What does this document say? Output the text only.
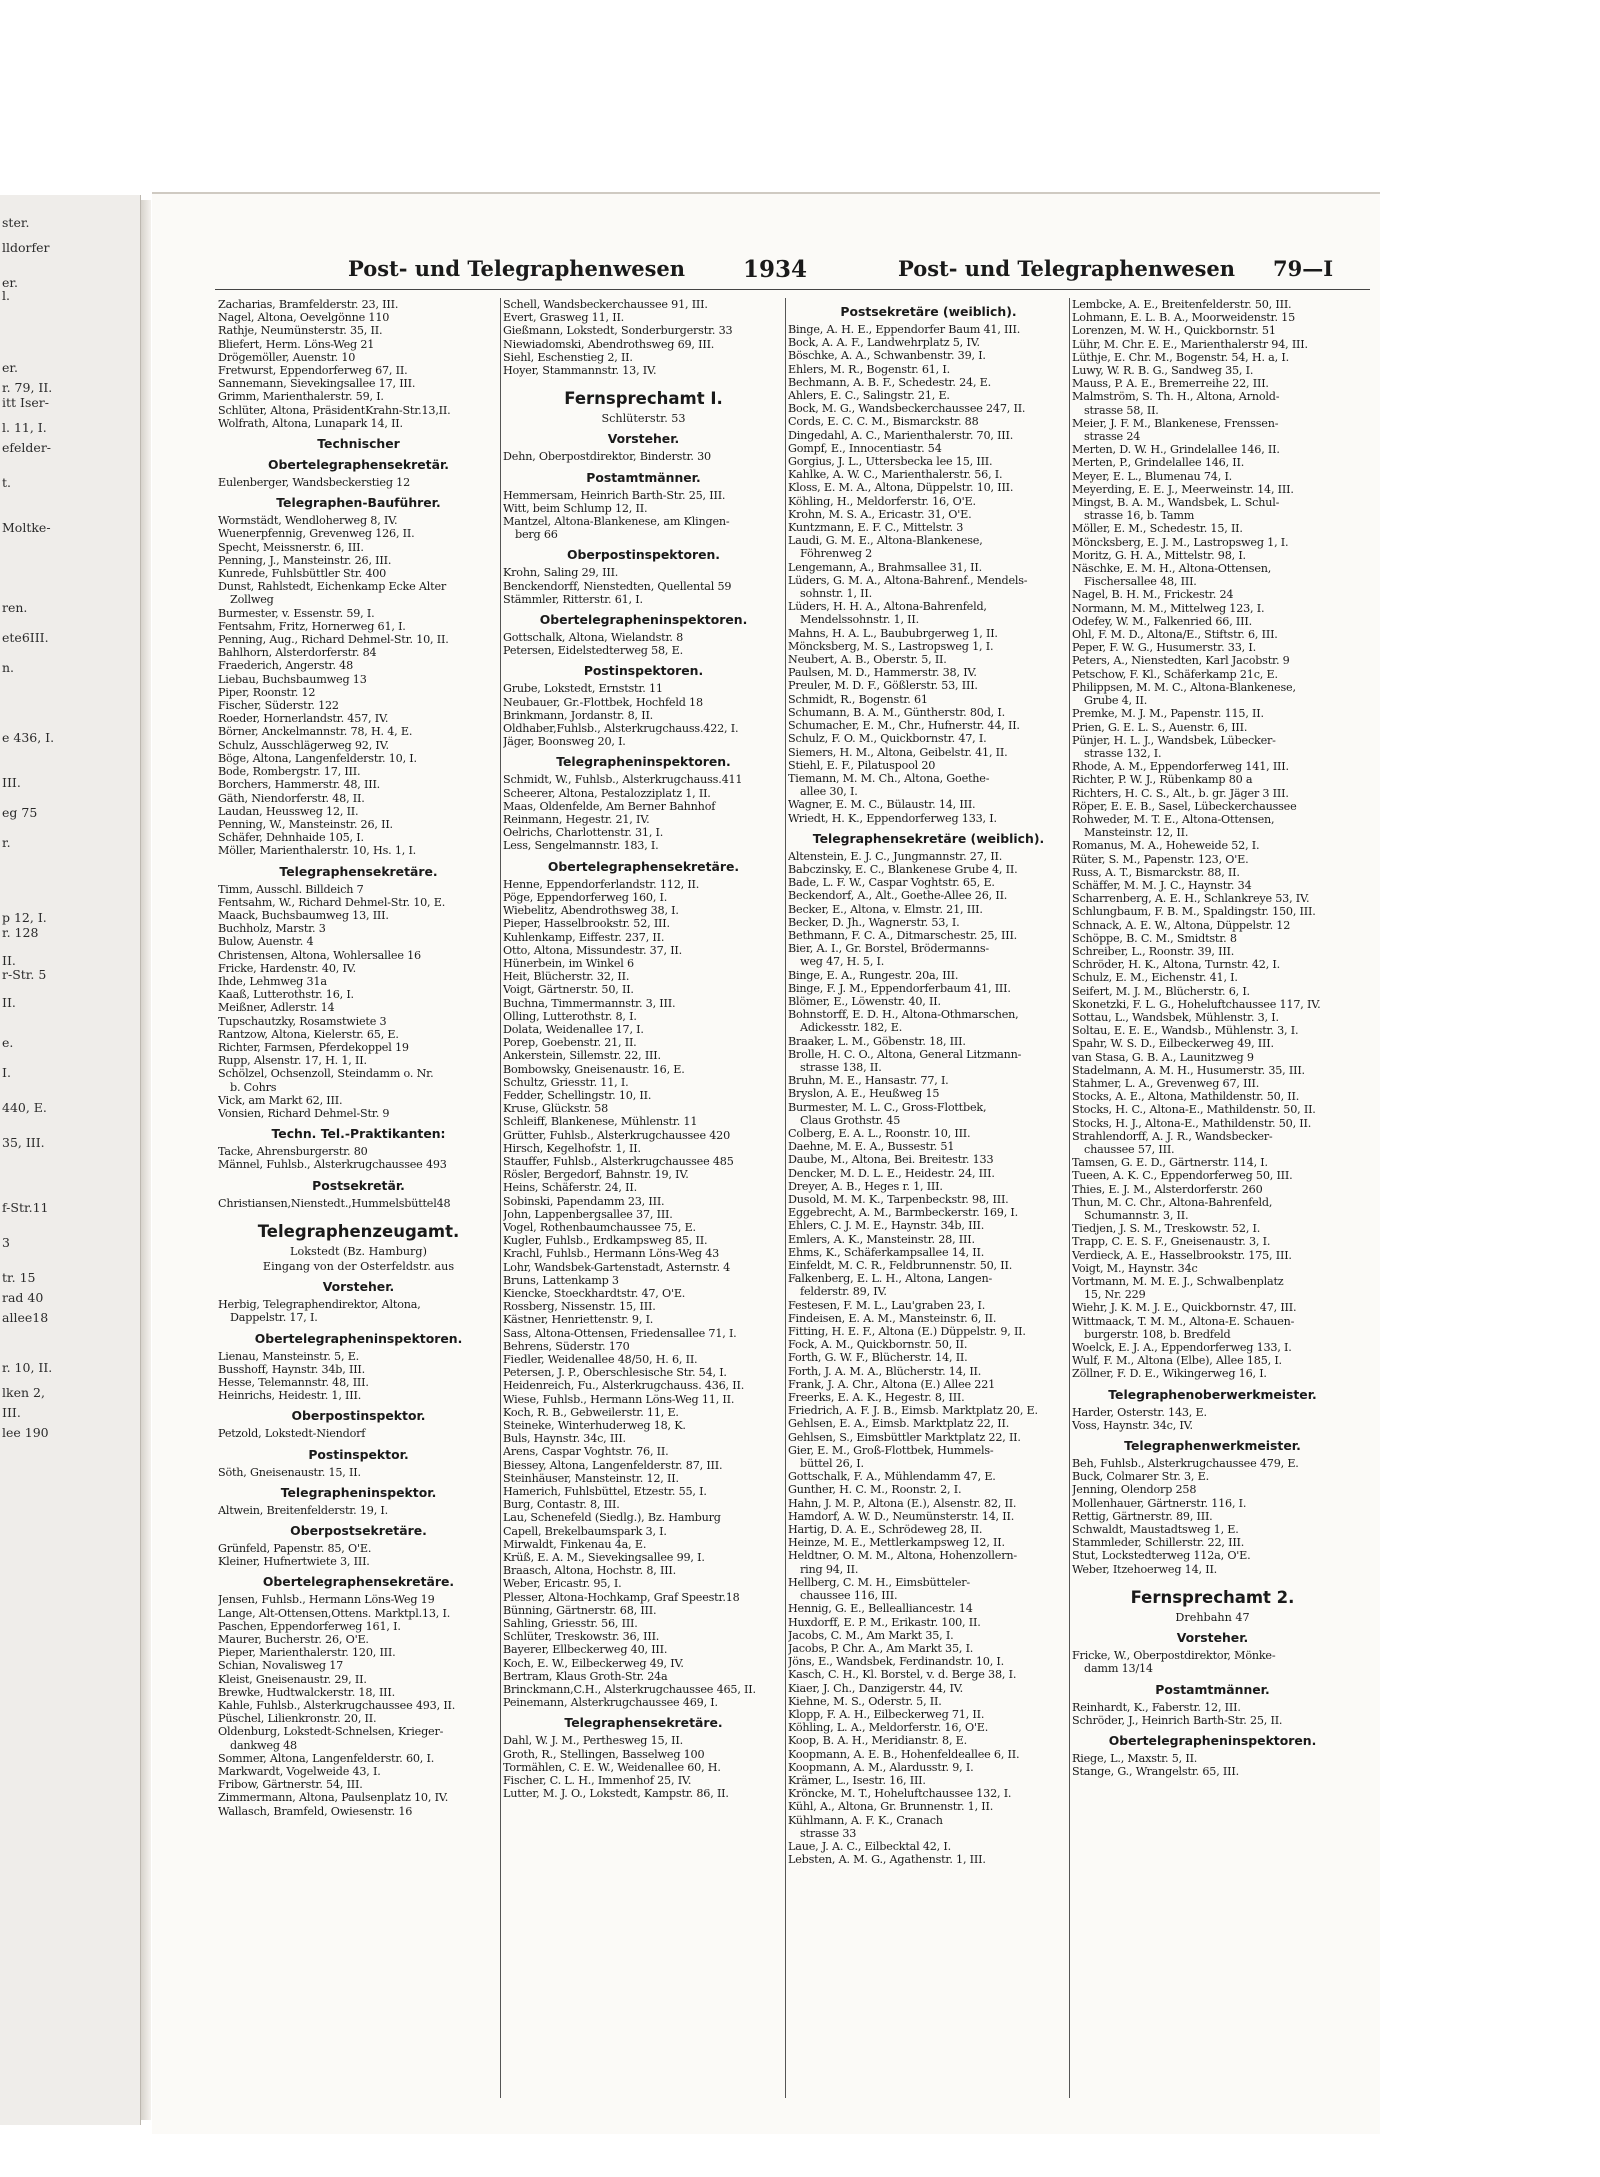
ster.
lldorfer
er.
l.
er.
r. 79, II.
itt Iser-
l. 11, I.
efelder-
t.
Moltke-
ren.
ete6III.
n.
e 436, I.
III.
eg 75
r.
p 12, I.
r. 128
II.
r-Str. 5
II.
e.
I.
440, E.
35, III.
f-Str.11
3
tr. 15
rad 40
allee18
r. 10, II.
lken 2,
III.
lee 190
Post- und Telegraphenwesen	1934	Post- und Telegraphenwesen 79—I
Zacharias, Bramfelderstr. 23, III.
Nagel, Altona, Oevelgönne 110
Rathje, Neumünsterstr. 35, II.
Bliefert, Herm. Löns-Weg 21
Drögemöller, Auenstr. 10
Fretwurst, Eppendorferweg 67, II.
Sannemann, Sievekingsallee 17, III.
Grimm, Marienthalerstr. 59, I.
Schlüter, Altona, PräsidentKrahn-Str.13,II.
Wolfrath, Altona, Lunapark 14, II.
Technischer
Obertelegraphensekretär.
Eulenberger, Wandsbeckerstieg 12
Telegraphen-Bauführer.
Wormstädt, Wendloherweg 8, IV.
Wuenerpfennig, Grevenweg 126, II.
Specht, Meissnerstr. 6, III.
Penning, J., Mansteinstr. 26, III.
Kunrede, Fuhlsbüttler Str. 400
Dunst, Rahlstedt, Eichenkamp Ecke Alter
Zollweg
Burmester, v. Essenstr. 59, I.
Fentsahm, Fritz, Hornerweg 61, I.
Penning, Aug., Richard Dehmel-Str. 10, II.
Bahlhorn, Alsterdorferstr. 84
Fraederich, Angerstr. 48
Liebau, Buchsbaumweg 13
Piper, Roonstr. 12
Fischer, Süderstr. 122
Roeder, Hornerlandstr. 457, IV.
Börner, Anckelmannstr. 78, H. 4, E.
Schulz, Ausschlägerweg 92, IV.
Böge, Altona, Langenfelderstr. 10, I.
Bode, Rombergstr. 17, III.
Borchers, Hammerstr. 48, III.
Gäth, Niendorferstr. 48, II.
Laudan, Heussweg 12, II.
Penning, W., Mansteinstr. 26, II.
Schäfer, Dehnhaide 105, I.
Möller, Marienthalerstr. 10, Hs. 1, I.
Telegraphensekretäre.
Timm, Ausschl. Billdeich 7
Fentsahm, W., Richard Dehmel-Str. 10, E.
Maack, Buchsbaumweg 13, III.
Buchholz, Marstr. 3
Bulow, Auenstr. 4
Christensen, Altona, Wohlersallee 16
Fricke, Hardenstr. 40, IV.
Ihde, Lehmweg 31a
Kaaß, Lutterothstr. 16, I.
Meißner, Adlerstr. 14
Tupschautzky, Rosamstwiete 3
Rantzow, Altona, Kielerstr. 65, E.
Richter, Farmsen, Pferdekoppel 19
Rupp, Alsenstr. 17, H. 1, II.
Schölzel, Ochsenzoll, Steindamm o. Nr.
b. Cohrs
Vick, am Markt 62, III.
Vonsien, Richard Dehmel-Str. 9
Techn. Tel.-Praktikanten:
Tacke, Ahrensburgerstr. 80
Männel, Fuhlsb., Alsterkrugchaussee 493
Postsekretär.
Christiansen,Nienstedt.,Hummelsbüttel48
Telegraphenzeugamt.
Lokstedt (Bz. Hamburg)
Eingang von der Osterfeldstr. aus
Vorsteher.
Herbig, Telegraphendirektor, Altona,
Dappelstr. 17, I.
Obertelegrapheninspektoren.
Lienau, Mansteinstr. 5, E.
Busshoff, Haynstr. 34b, III.
Hesse, Telemannstr. 48, III.
Heinrichs, Heidestr. 1, III.
Oberpostinspektor.
Petzold, Lokstedt-Niendorf
Postinspektor.
Söth, Gneisenaustr. 15, II.
Telegrapheninspektor.
Altwein, Breitenfelderstr. 19, I.
Oberpostsekretäre.
Grünfeld, Papenstr. 85, O'E.
Kleiner, Hufnertwiete 3, III.
Obertelegraphensekretäre.
Jensen, Fuhlsb., Hermann Löns-Weg 19
Lange, Alt-Ottensen,Ottens. Marktpl.13, I.
Paschen, Eppendorferweg 161, I.
Maurer, Bucherstr. 26, O'E.
Pieper, Marienthalerstr. 120, III.
Schian, Novalisweg 17
Kleist, Gneisenaustr. 29, II.
Brewke, Hudtwalckerstr. 18, III.
Kahle, Fuhlsb., Alsterkrugchaussee 493, II.
Püschel, Lilienkronstr. 20, II.
Oldenburg, Lokstedt-Schnelsen, Krieger-
dankweg 48
Sommer, Altona, Langenfelderstr. 60, I.
Markwardt, Vogelweide 43, I.
Fribow, Gärtnerstr. 54, III.
Zimmermann, Altona, Paulsenplatz 10, IV.
Wallasch, Bramfeld, Owiesenstr. 16
Schell, Wandsbeckerchaussee 91, III.
Evert, Grasweg 11, II.
Gießmann, Lokstedt, Sonderburgerstr. 33
Niewiadomski, Abendrothsweg 69, III.
Siehl, Eschenstieg 2, II.
Hoyer, Stammannstr. 13, IV.
Fernsprechamt I.
Schlüterstr. 53
Vorsteher.
Dehn, Oberpostdirektor, Binderstr. 30
Postamtmänner.
Hemmersam, Heinrich Barth-Str. 25, III.
Witt, beim Schlump 12, II.
Mantzel, Altona-Blankenese, am Klingen-
berg 66
Oberpostinspektoren.
Krohn, Saling 29, III.
Benckendorff, Nienstedten, Quellental 59
Stämmler, Ritterstr. 61, I.
Obertelegrapheninspektoren.
Gottschalk, Altona, Wielandstr. 8
Petersen, Eidelstedterweg 58, E.
Postinspektoren.
Grube, Lokstedt, Ernststr. 11
Neubauer, Gr.-Flottbek, Hochfeld 18
Brinkmann, Jordanstr. 8, II.
Oldhaber,Fuhlsb., Alsterkrugchauss.422, I.
Jäger, Boonsweg 20, I.
Telegrapheninspektoren.
Schmidt, W., Fuhlsb., Alsterkrugchauss.411
Scheerer, Altona, Pestalozziplatz 1, II.
Maas, Oldenfelde, Am Berner Bahnhof
Reinmann, Hegestr. 21, IV.
Oelrichs, Charlottenstr. 31, I.
Less, Sengelmannstr. 183, I.
Obertelegraphensekretäre.
Henne, Eppendorferlandstr. 112, II.
Pöge, Eppendorferweg 160, I.
Wiebelitz, Abendrothsweg 38, I.
Pieper, Hasselbrookstr. 52, III.
Kuhlenkamp, Eiffestr. 237, II.
Otto, Altona, Missundestr. 37, II.
Hünerbein, im Winkel 6
Heit, Blücherstr. 32, II.
Voigt, Gärtnerstr. 50, II.
Buchna, Timmermannstr. 3, III.
Olling, Lutterothstr. 8, I.
Dolata, Weidenallee 17, I.
Porep, Goebenstr. 21, II.
Ankerstein, Sillemstr. 22, III.
Bombowsky, Gneisenaustr. 16, E.
Schultz, Griesstr. 11, I.
Fedder, Schellingstr. 10, II.
Kruse, Glückstr. 58
Schleiff, Blankenese, Mühlenstr. 11
Grütter, Fuhlsb., Alsterkrugchaussee 420
Hirsch, Kegelhofstr. 1, II.
Stauffer, Fuhlsb., Alsterkrugchaussee 485
Rösler, Bergedorf, Bahnstr. 19, IV.
Heins, Schäferstr. 24, II.
Sobinski, Papendamm 23, III.
John, Lappenbergsallee 37, III.
Vogel, Rothenbaumchaussee 75, E.
Kugler, Fuhlsb., Erdkampsweg 85, II.
Krachl, Fuhlsb., Hermann Löns-Weg 43
Lohr, Wandsbek-Gartenstadt, Asternstr. 4
Bruns, Lattenkamp 3
Kiencke, Stoeckhardtstr. 47, O'E.
Rossberg, Nissenstr. 15, III.
Kästner, Henriettenstr. 9, I.
Sass, Altona-Ottensen, Friedensallee 71, I.
Behrens, Süderstr. 170
Fiedler, Weidenallee 48/50, H. 6, II.
Petersen, J. P., Oberschlesische Str. 54, I.
Heidenreich, Fu., Alsterkrugchauss. 436, II.
Wiese, Fuhlsb., Hermann Löns-Weg 11, II.
Koch, R. B., Gebweilerstr. 11, E.
Steineke, Winterhuderweg 18, K.
Buls, Haynstr. 34c, III.
Arens, Caspar Voghtstr. 76, II.
Biessey, Altona, Langenfelderstr. 87, III.
Steinhäuser, Mansteinstr. 12, II.
Hamerich, Fuhlsbüttel, Etzestr. 55, I.
Burg, Contastr. 8, III.
Lau, Schenefeld (Siedlg.), Bz. Hamburg
Capell, Brekelbaumspark 3, I.
Mirwaldt, Finkenau 4a, E.
Krüß, E. A. M., Sievekingsallee 99, I.
Braasch, Altona, Hochstr. 8, III.
Weber, Ericastr. 95, I.
Plesser, Altona-Hochkamp, Graf Speestr.18
Bünning, Gärtnerstr. 68, III.
Sahling, Griesstr. 56, III.
Schlüter, Treskowstr. 36, III.
Bayerer, Ellbeckerweg 40, III.
Koch, E. W., Eilbeckerweg 49, IV.
Bertram, Klaus Groth-Str. 24a
Brinckmann,C.H., Alsterkrugchaussee 465, II.
Peinemann, Alsterkrugchaussee 469, I.
Telegraphensekretäre.
Dahl, W. J. M., Perthesweg 15, II.
Groth, R., Stellingen, Basselweg 100
Tormählen, C. E. W., Weidenallee 60, H.
Fischer, C. L. H., Immenhof 25, IV.
Lutter, M. J. O., Lokstedt, Kampstr. 86, II.
Postsekretäre (weiblich).
Binge, A. H. E., Eppendorfer Baum 41, III.
Bock, A. A. F., Landwehrplatz 5, IV.
Böschke, A. A., Schwanbenstr. 39, I.
Ehlers, M. R., Bogenstr. 61, I.
Bechmann, A. B. F., Schedestr. 24, E.
Ahlers, E. C., Salingstr. 21, E.
Bock, M. G., Wandsbeckerchaussee 247, II.
Cords, E. C. C. M., Bismarckstr. 88
Dingedahl, A. C., Marienthalerstr. 70, III.
Gompf, E., Innocentiastr. 54
Gorgius, J. L., Uttersbecka lee 15, III.
Kahlke, A. W. C., Marienthalerstr. 56, I.
Kloss, E. M. A., Altona, Düppelstr. 10, III.
Köhling, H., Meldorferstr. 16, O'E.
Krohn, M. S. A., Ericastr. 31, O'E.
Kuntzmann, E. F. C., Mittelstr. 3
Laudi, G. M. E., Altona-Blankenese,
Föhrenweg 2
Lengemann, A., Brahmsallee 31, II.
Lüders, G. M. A., Altona-Bahrenf., Mendels-
sohnstr. 1, II.
Lüders, H. H. A., Altona-Bahrenfeld,
Mendelssohnstr. 1, II.
Mahns, H. A. L., Baububrgerweg 1, II.
Möncksberg, M. S., Lastropsweg 1, I.
Neubert, A. B., Oberstr. 5, II.
Paulsen, M. D., Hammerstr. 38, IV.
Preuler, M. D. F., Gößlerstr. 53, III.
Schmidt, R., Bogenstr. 61
Schumann, B. A. M., Güntherstr. 80d, I.
Schumacher, E. M., Chr., Hufnerstr. 44, II.
Schulz, F. O. M., Quickbornstr. 47, I.
Siemers, H. M., Altona, Geibelstr. 41, II.
Stiehl, E. F., Pilatuspool 20
Tiemann, M. M. Ch., Altona, Goethe-
allee 30, I.
Wagner, E. M. C., Bülaustr. 14, III.
Wriedt, H. K., Eppendorferweg 133, I.
Telegraphensekretäre (weiblich).
Altenstein, E. J. C., Jungmannstr. 27, II.
Babczinsky, E. C., Blankenese Grube 4, II.
Bade, L. F. W., Caspar Voghtstr. 65, E.
Beckendorf, A., Alt., Goethe-Allee 26, II.
Becker, E., Altona, v. Elmstr. 21, III.
Becker, D. Jh., Wagnerstr. 53, I.
Bethmann, F. C. A., Ditmarschestr. 25, III.
Bier, A. I., Gr. Borstel, Brödermanns-
weg 47, H. 5, I.
Binge, E. A., Rungestr. 20a, III.
Binge, F. J. M., Eppendorferbaum 41, III.
Blömer, E., Löwenstr. 40, II.
Bohnstorff, E. D. H., Altona-Othmarschen,
Adickesstr. 182, E.
Braaker, L. M., Göbenstr. 18, III.
Brolle, H. C. O., Altona, General Litzmann-
strasse 138, II.
Bruhn, M. E., Hansastr. 77, I.
Bryslon, A. E., Heußweg 15
Burmester, M. L. C., Gross-Flottbek,
Claus Grothstr. 45
Colberg, E. A. L., Roonstr. 10, III.
Daehne, M. E. A., Bussestr. 51
Daube, M., Altona, Bei. Breitestr. 133
Dencker, M. D. L. E., Heidestr. 24, III.
Dreyer, A. B., Heges r. 1, III.
Dusold, M. M. K., Tarpenbeckstr. 98, III.
Eggebrecht, A. M., Barmbeckerstr. 169, I.
Ehlers, C. J. M. E., Haynstr. 34b, III.
Emlers, A. K., Mansteinstr. 28, III.
Ehms, K., Schäferkampsallee 14, II.
Einfeldt, M. C. R., Feldbrunnenstr. 50, II.
Falkenberg, E. L. H., Altona, Langen-
felderstr. 89, IV.
Festesen, F. M. L., Lau'graben 23, I.
Findeisen, E. A. M., Mansteinstr. 6, II.
Fitting, H. E. F., Altona (E.) Düppelstr. 9, II.
Fock, A. M., Quickbornstr. 50, II.
Forth, G. W. F., Blücherstr. 14, II.
Forth, J. A. M. A., Blücherstr. 14, II.
Frank, J. A. Chr., Altona (E.) Allee 221
Freerks, E. A. K., Hegestr. 8, III.
Friedrich, A. F. J. B., Eimsb. Marktplatz 20, E.
Gehlsen, E. A., Eimsb. Marktplatz 22, II.
Gehlsen, S., Eimsbüttler Marktplatz 22, II.
Gier, E. M., Groß-Flottbek, Hummels-
büttel 26, I.
Gottschalk, F. A., Mühlendamm 47, E.
Gunther, H. C. M., Roonstr. 2, I.
Hahn, J. M. P., Altona (E.), Alsenstr. 82, II.
Hamdorf, A. W. D., Neumünsterstr. 14, II.
Hartig, D. A. E., Schrödeweg 28, II.
Heinze, M. E., Mettlerkampsweg 12, II.
Heldtner, O. M. M., Altona, Hohenzollern-
ring 94, II.
Hellberg, C. M. H., Eimsbütteler-
chaussee 116, III.
Hennig, G. E., Bellealliancestr. 14
Huxdorff, E. P. M., Erikastr. 100, II.
Jacobs, C. M., Am Markt 35, I.
Jacobs, P. Chr. A., Am Markt 35, I.
Jöns, E., Wandsbek, Ferdinandstr. 10, I.
Kasch, C. H., Kl. Borstel, v. d. Berge 38, I.
Kiaer, J. Ch., Danzigerstr. 44, IV.
Kiehne, M. S., Oderstr. 5, II.
Klopp, F. A. H., Eilbeckerweg 71, II.
Köhling, L. A., Meldorferstr. 16, O'E.
Koop, B. A. H., Meridianstr. 8, E.
Koopmann, A. E. B., Hohenfeldeallee 6, II.
Koopmann, A. M., Alardusstr. 9, I.
Krämer, L., Isestr. 16, III.
Kröncke, M. T., Hoheluftchaussee 132, I.
Kühl, A., Altona, Gr. Brunnenstr. 1, II.
Kühlmann, A. F. K., Cranach
strasse 33
Laue, J. A. C., Eilbecktal 42, I.
Lebsten, A. M. G., Agathenstr. 1, III.
Lembcke, A. E., Breitenfelderstr. 50, III.
Lohmann, E. L. B. A., Moorweidenstr. 15
Lorenzen, M. W. H., Quickbornstr. 51
Lühr, M. Chr. E. E., Marienthalerstr 94, III.
Lüthje, E. Chr. M., Bogenstr. 54, H. a, I.
Luwy, W. R. B. G., Sandweg 35, I.
Mauss, P. A. E., Bremerreihe 22, III.
Malmström, S. Th. H., Altona, Arnold-
strasse 58, II.
Meier, J. F. M., Blankenese, Frenssen-
strasse 24
Merten, D. W. H., Grindelallee 146, II.
Merten, P., Grindelallee 146, II.
Meyer, E. L., Blumenau 74, I.
Meyerding, E. E. J., Meerweinstr. 14, III.
Mingst, B. A. M., Wandsbek, L. Schul-
strasse 16, b. Tamm
Möller, E. M., Schedestr. 15, II.
Möncksberg, E. J. M., Lastropsweg 1, I.
Moritz, G. H. A., Mittelstr. 98, I.
Näschke, E. M. H., Altona-Ottensen,
Fischersallee 48, III.
Nagel, B. H. M., Frickestr. 24
Normann, M. M., Mittelweg 123, I.
Odefey, W. M., Falkenried 66, III.
Ohl, F. M. D., Altona/E., Stiftstr. 6, III.
Peper, F. W. G., Husumerstr. 33, I.
Peters, A., Nienstedten, Karl Jacobstr. 9
Petschow, F. Kl., Schäferkamp 21c, E.
Philippsen, M. M. C., Altona-Blankenese,
Grube 4, II.
Premke, M. J. M., Papenstr. 115, II.
Prien, G. E. L. S., Auenstr. 6, III.
Pünjer, H. L. J., Wandsbek, Lübecker-
strasse 132, I.
Rhode, A. M., Eppendorferweg 141, III.
Richter, P. W. J., Rübenkamp 80 a
Richters, H. C. S., Alt., b. gr. Jäger 3 III.
Röper, E. E. B., Sasel, Lübeckerchaussee
Rohweder, M. T. E., Altona-Ottensen,
Mansteinstr. 12, II.
Romanus, M. A., Hoheweide 52, I.
Rüter, S. M., Papenstr. 123, O'E.
Russ, A. T., Bismarckstr. 88, II.
Schäffer, M. M. J. C., Haynstr. 34
Scharrenberg, A. E. H., Schlankreye 53, IV.
Schlungbaum, F. B. M., Spaldingstr. 150, III.
Schnack, A. E. W., Altona, Düppelstr. 12
Schöppe, B. C. M., Smidtstr. 8
Schreiber, L., Roonstr. 39, III.
Schröder, H. K., Altona, Turnstr. 42, I.
Schulz, E. M., Eichenstr. 41, I.
Seifert, M. J. M., Blücherstr. 6, I.
Skonetzki, F. L. G., Hoheluftchaussee 117, IV.
Sottau, L., Wandsbek, Mühlenstr. 3, I.
Soltau, E. E. E., Wandsb., Mühlenstr. 3, I.
Spahr, W. S. D., Eilbeckerweg 49, III.
van Stasa, G. B. A., Launitzweg 9
Stadelmann, A. M. H., Husumerstr. 35, III.
Stahmer, L. A., Grevenweg 67, III.
Stocks, A. E., Altona, Mathildenstr. 50, II.
Stocks, H. C., Altona-E., Mathildenstr. 50, II.
Stocks, H. J., Altona-E., Mathildenstr. 50, II.
Strahlendorff, A. J. R., Wandsbecker-
chaussee 57, III.
Tamsen, G. E. D., Gärtnerstr. 114, I.
Tueen, A. K. C., Eppendorferweg 50, III.
Thies, E. J. M., Alsterdorferstr. 260
Thun, M. C. Chr., Altona-Bahrenfeld,
Schumannstr. 3, II.
Tiedjen, J. S. M., Treskowstr. 52, I.
Trapp, C. E. S. F., Gneisenaustr. 3, I.
Verdieck, A. E., Hasselbrookstr. 175, III.
Voigt, M., Haynstr. 34c
Vortmann, M. M. E. J., Schwalbenplatz
15, Nr. 229
Wiehr, J. K. M. J. E., Quickbornstr. 47, III.
Wittmaack, T. M. M., Altona-E. Schauen-
burgerstr. 108, b. Bredfeld
Woelck, E. J. A., Eppendorferweg 133, I.
Wulf, F. M., Altona (Elbe), Allee 185, I.
Zöllner, F. D. E., Wikingerweg 16, I.
Telegraphenoberwerkmeister.
Harder, Osterstr. 143, E.
Voss, Haynstr. 34c, IV.
Telegraphenwerkmeister.
Beh, Fuhlsb., Alsterkrugchaussee 479, E.
Buck, Colmarer Str. 3, E.
Jenning, Olendorp 258
Mollenhauer, Gärtnerstr. 116, I.
Rettig, Gärtnerstr. 89, III.
Schwaldt, Maustadtsweg 1, E.
Stammleder, Schillerstr. 22, III.
Stut, Lockstedterweg 112a, O'E.
Weber, Itzehoerweg 14, II.
Fernsprechamt 2.
Drehbahn 47
Vorsteher.
Fricke, W., Oberpostdirektor, Mönke-
damm 13/14
Postamtmänner.
Reinhardt, K., Faberstr. 12, III.
Schröder, J., Heinrich Barth-Str. 25, II.
Obertelegrapheninspektoren.
Riege, L., Maxstr. 5, II.
Stange, G., Wrangelstr. 65, III.
